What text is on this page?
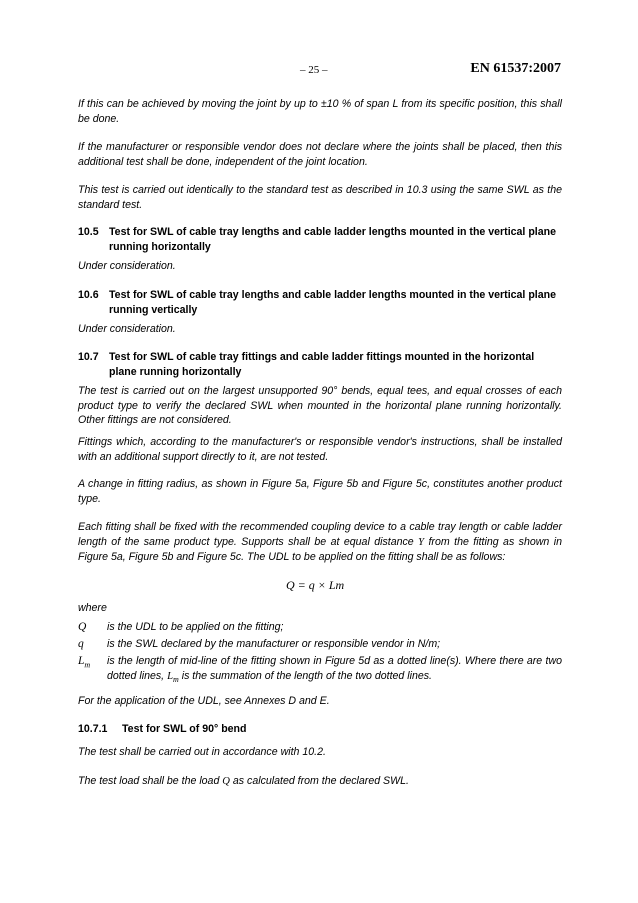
– 25 –	EN 61537:2007

If this can be achieved by moving the joint by up to ±10 % of span L from its specific position, this shall be done.

If the manufacturer or responsible vendor does not declare where the joints shall be placed, then this additional test shall be done, independent of the joint location.

This test is carried out identically to the standard test as described in 10.3 using the same SWL as the standard test.

10.5 Test for SWL of cable tray lengths and cable ladder lengths mounted in the vertical plane running horizontally

Under consideration.

10.6 Test for SWL of cable tray lengths and cable ladder lengths mounted in the vertical plane running vertically

Under consideration.

10.7 Test for SWL of cable tray fittings and cable ladder fittings mounted in the horizontal plane running horizontally

The test is carried out on the largest unsupported 90° bends, equal tees, and equal crosses of each product type to verify the declared SWL when mounted in the horizontal plane running horizontally. Other fittings are not considered.

Fittings which, according to the manufacturer's or responsible vendor's instructions, shall be installed with an additional support directly to it, are not tested.

A change in fitting radius, as shown in Figure 5a, Figure 5b and Figure 5c, constitutes another product type.

Each fitting shall be fixed with the recommended coupling device to a cable tray length or cable ladder length of the same product type. Supports shall be at equal distance Y from the fitting as shown in Figure 5a, Figure 5b and Figure 5c. The UDL to be applied on the fitting shall be as follows:

Q = q × Lm

where

Q is the UDL to be applied on the fitting;
q is the SWL declared by the manufacturer or responsible vendor in N/m;
$L_m$ is the length of mid-line of the fitting shown in Figure 5d as a dotted line(s). Where there are two dotted lines, $L_m$ is the summation of the length of the two dotted lines.

For the application of the UDL, see Annexes D and E.

10.7.1 Test for SWL of 90° bend

The test shall be carried out in accordance with 10.2.

The test load shall be the load Q as calculated from the declared SWL.
